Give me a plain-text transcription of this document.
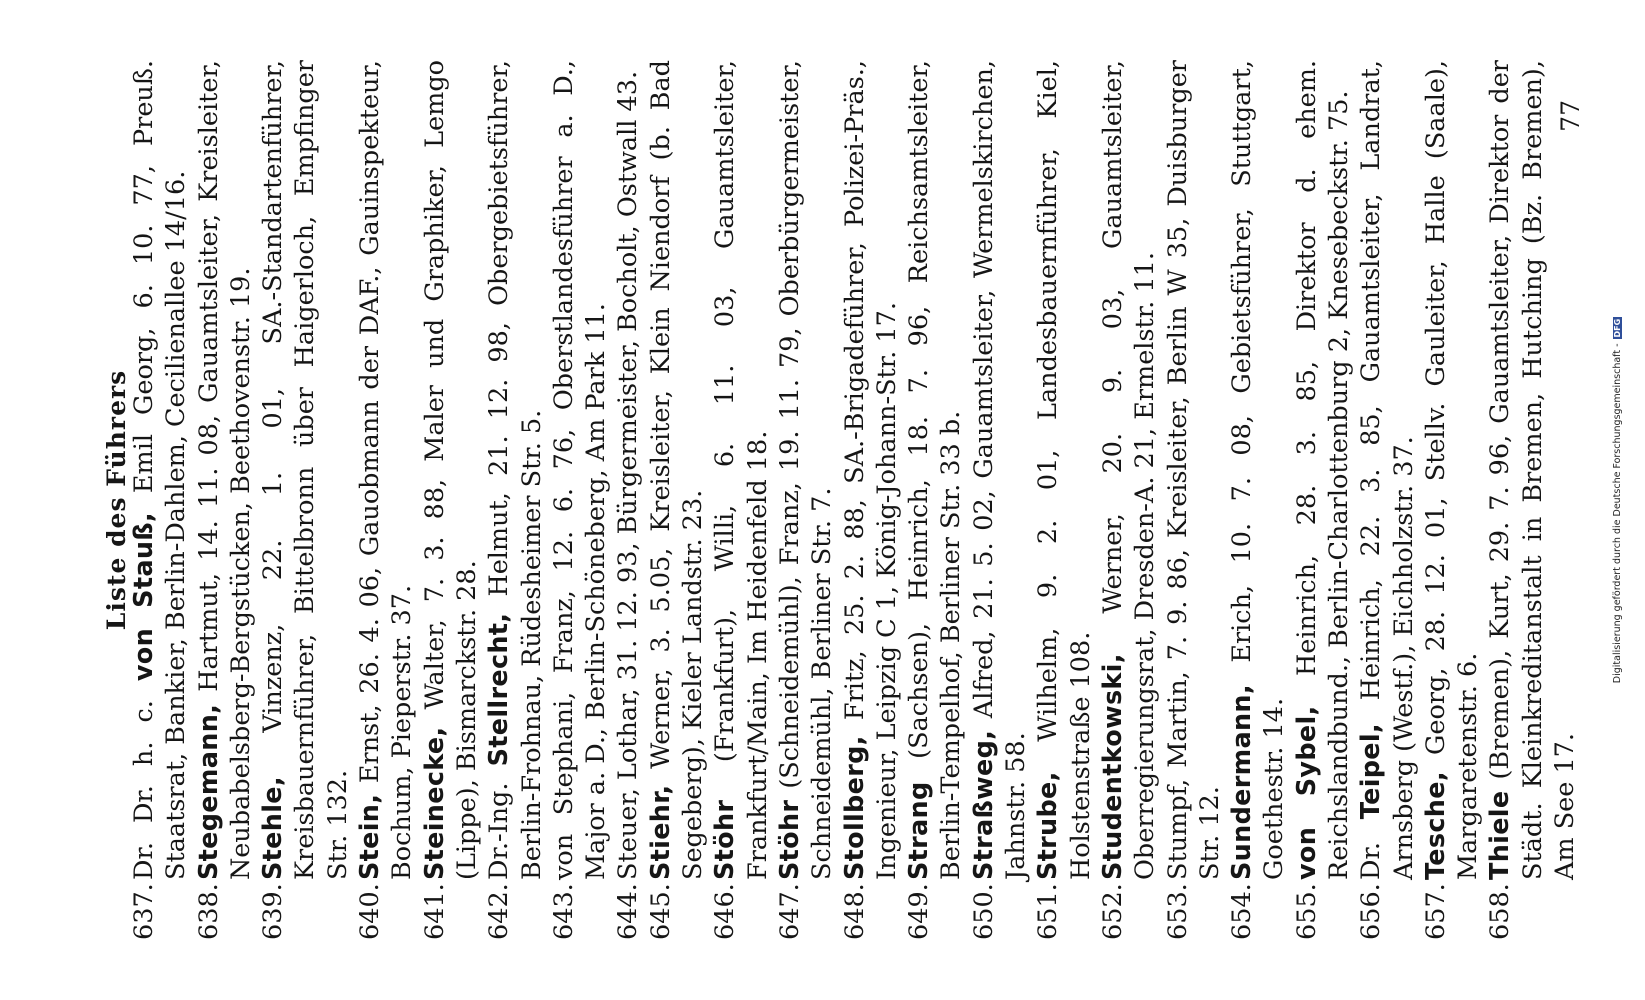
Liste des Führers
637.
Dr. Dr. h. c. von Stauß, Emil Georg, 6. 10. 77, Preuß. Staatsrat, Bankier, Berlin-Dahlem, Cecilienallee 14/16.
638.
Stegemann, Hartmut, 14. 11. 08, Gauamtsleiter, Kreisleiter, Neubabelsberg-Bergstücken, Beethovenstr. 19.
639.
Stehle, Vinzenz, 22. 1. 01, SA.-Standartenführer, Kreisbauernführer, Bittelbronn über Haigerloch, Empfinger Str. 132.
640.
Stein, Ernst, 26. 4. 06, Gauobmann der DAF., Gauinspekteur, Bochum, Pieperstr. 37.
641.
Steinecke, Walter, 7. 3. 88, Maler und Graphiker, Lemgo (Lippe), Bismarckstr. 28.
642.
Dr.-Ing. Stellrecht, Helmut, 21. 12. 98, Obergebietsführer, Berlin-Frohnau, Rüdesheimer Str. 5.
643.
von Stephani, Franz, 12. 6. 76, Oberstlandesführer a. D., Major a. D., Berlin-Schöneberg, Am Park 11.
644.
Steuer, Lothar, 31. 12. 93, Bürgermeister, Bocholt, Ostwall 43.
645.
Stiehr, Werner, 3. 5.05, Kreisleiter, Klein Niendorf (b. Bad Segeberg), Kieler Landstr. 23.
646.
Stöhr (Frankfurt), Willi, 6. 11. 03, Gauamtsleiter, Frankfurt/Main, Im Heidenfeld 18.
647.
Stöhr (Schneidemühl), Franz, 19. 11. 79, Oberbürgermeister, Schneidemühl, Berliner Str. 7.
648.
Stollberg, Fritz, 25. 2. 88, SA.-Brigadeführer, Polizei-Präs., Ingenieur, Leipzig C 1, König-Johann-Str. 17.
649.
Strang (Sachsen), Heinrich, 18. 7. 96, Reichsamtsleiter, Berlin-Tempelhof, Berliner Str. 33 b.
650.
Straßweg, Alfred, 21. 5. 02, Gauamtsleiter, Wermelskirchen, Jahnstr. 58.
651.
Strube, Wilhelm, 9. 2. 01, Landesbauernführer, Kiel, Holstenstraße 108.
652.
Studentkowski, Werner, 20. 9. 03, Gauamtsleiter, Oberregierungsrat, Dresden-A. 21, Ermelstr. 11.
653.
Stumpf, Martin, 7. 9. 86, Kreisleiter, Berlin W 35, Duisburger Str. 12.
654.
Sundermann, Erich, 10. 7. 08, Gebietsführer, Stuttgart, Goethestr. 14.
655.
von Sybel, Heinrich, 28. 3. 85, Direktor d. ehem. Reichslandbund., Berlin-Charlottenburg 2, Knesebeckstr. 75.
656.
Dr. Teipel, Heinrich, 22. 3. 85, Gauamtsleiter, Landrat, Arnsberg (Westf.), Eichholzstr. 37.
657.
Tesche, Georg, 28. 12. 01, Stellv. Gauleiter, Halle (Saale), Margaretenstr. 6.
658.
Thiele (Bremen), Kurt, 29. 7. 96, Gauamtsleiter, Direktor der Städt. Kleinkreditanstalt in Bremen, Hutching (Bz. Bremen), Am See 17.
77
Digitalisierung gefördert durch die Deutsche Forschungsgemeinschaft -DFG
